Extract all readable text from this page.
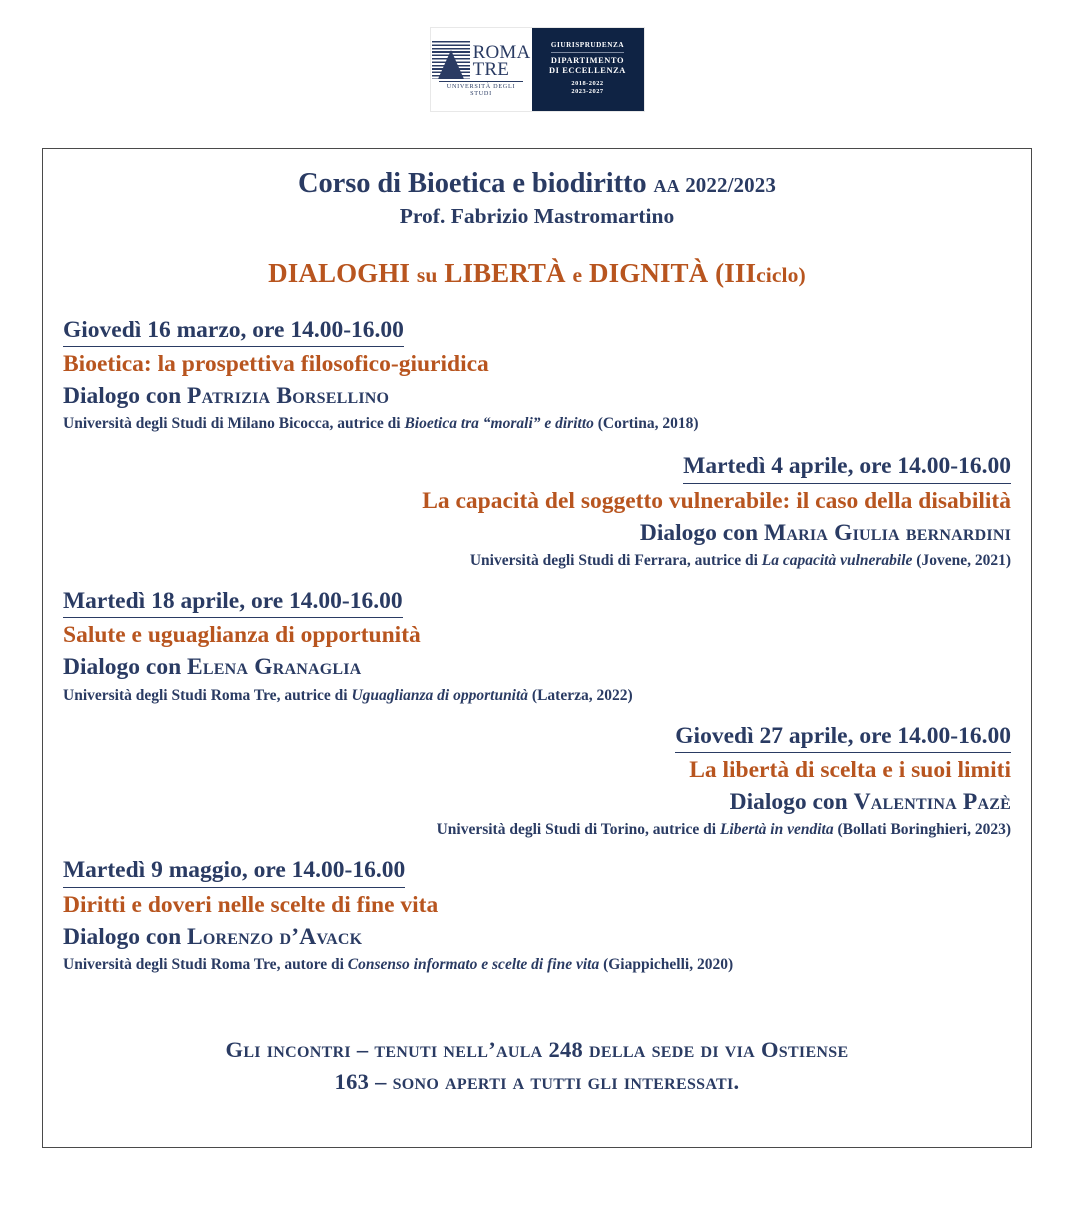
ROMA
TRE
UNIVERSITÀ DEGLI STUDI
GIURISPRUDENZA
DIPARTIMENTO
DI ECCELLENZA
2018-2022
2023-2027
Corso di Bioetica e biodiritto AA 2022/2023
Prof. Fabrizio Mastromartino
DIALOGHI su LIBERTÀ e DIGNITÀ (IIIciclo)
Giovedì 16 marzo, ore 14.00-16.00
Bioetica: la prospettiva filosofico-giuridica
Dialogo con Patrizia Borsellino
Università degli Studi di Milano Bicocca, autrice di Bioetica tra “morali” e diritto (Cortina, 2018)
Martedì 4 aprile, ore 14.00-16.00
La capacità del soggetto vulnerabile: il caso della disabilità
Dialogo con Maria Giulia bernardini
Università degli Studi di Ferrara, autrice di La capacità vulnerabile (Jovene, 2021)
Martedì 18 aprile, ore 14.00-16.00
Salute e uguaglianza di opportunità
Dialogo con Elena Granaglia
Università degli Studi Roma Tre, autrice di Uguaglianza di opportunità (Laterza, 2022)
Giovedì 27 aprile, ore 14.00-16.00
La libertà di scelta e i suoi limiti
Dialogo con Valentina Pazè
Università degli Studi di Torino, autrice di Libertà in vendita (Bollati Boringhieri, 2023)
Martedì 9 maggio, ore 14.00-16.00
Diritti e doveri nelle scelte di fine vita
Dialogo con Lorenzo d’Avack
Università degli Studi Roma Tre, autore di Consenso informato e scelte di fine vita (Giappichelli, 2020)
Gli incontri – tenuti nell’aula 248 della sede di via Ostiense
163 – sono aperti a tutti gli interessati.
